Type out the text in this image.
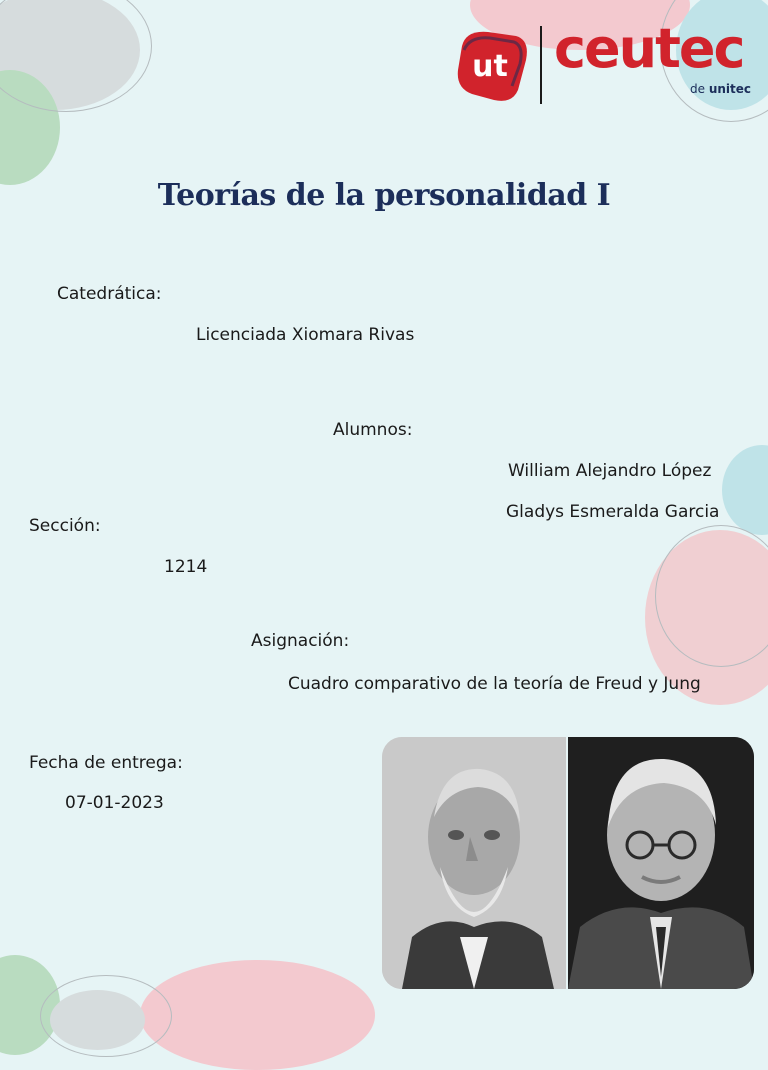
ut ceutec
de unitec
Teorías de la personalidad I
Catedrática:
Licenciada Xiomara Rivas
Alumnos:
William Alejandro López
Gladys Esmeralda Garcia
Sección:
1214
Asignación:
Cuadro comparativo de la teoría de Freud y Jung
Fecha de entrega:
07-01-2023
